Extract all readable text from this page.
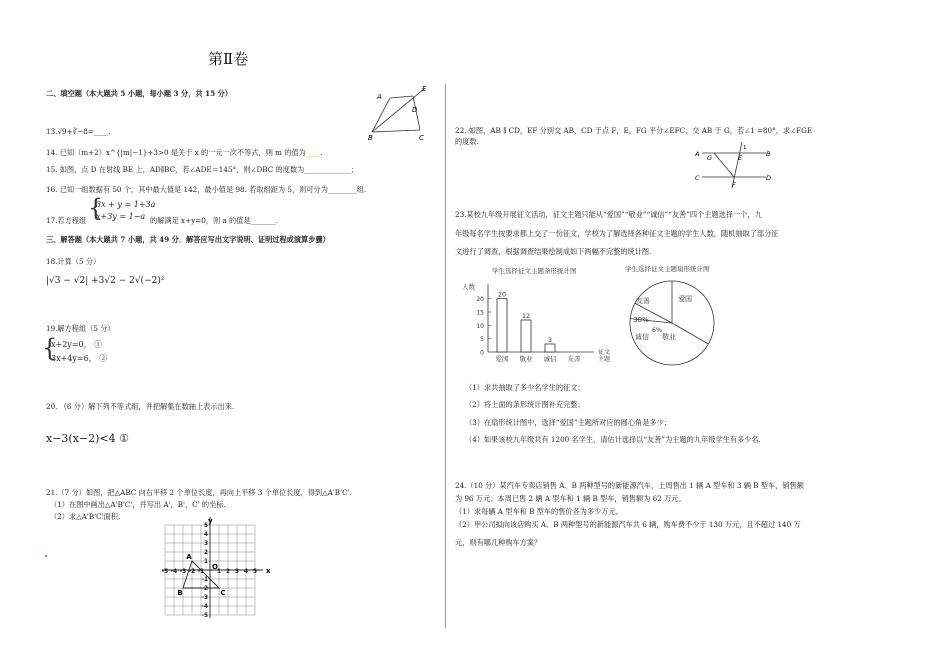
第Ⅱ卷
二、填空题（本大题共 5 小题，每小题 3 分，共 15 分）	A
E
D
B	C
13.√9+∛−8=____.
14. 已知（m+2）x^{|m|−1}+3>0 是关于 x 的一元一次不等式，则 m 的值为____.
15. 如图，点 D 在射线 BE 上，AD∥BC，若∠ADE＝145°，则∠DBC 的度数为_____________；
16. 已知一组数据有 50 个，其中最大值是 142，最小值是 98. 若取组距为 5，则可分为________组.
17.若方程组 {
3x + y = 1+3a
x+3y = 1−a 的解满足 x+y=0，则 a 的值是_______.
三、解答题（本大题共 7 小题，共 49 分．解答应写出文字说明、证明过程或演算步骤）
18.计算（5 分）
|√3 − √2| +3√2 − 2√(−2)²
19.解方程组（5 分）
{
x+2y=0， ①
3x+4y=6， ②
20. （6 分）解下列不等式组，并把解集在数轴上表示出来.
x−3(x−2)<4 ①
21.（7 分）如图，把△ABC 向右平移 2 个单位长度，再向上平移 3 个单位长度，得到△A'B'C'.
（1）在图中画出△A'B'C'，并写出 A'，B'，C' 的坐标.
（2）求△A'B'C'面积.
x
y
O
-5 -4 -3 -2 -1 1 2 3 4 5
5
4
3
2
1
-1
-2
-3
-4
-5
A
B	C
22. 如图，AB ∥ CD，EF 分别交 AB，CD 于点 F，E，FG 平分∠EFC，交 AB 于 G，若∠1 =80°，求∠FGE
的度数.
A	B
C	D
G	E
F
1
23.某校九年级开展征文活动，征文主题只能从“爱国”“敬业”“诚信”“友善”四个主题选择一个，九
年级每名学生按要求都上交了一份征文，学校为了解选择各种征文主题的学生人数，随机抽取了部分征
文进行了调查，根据调查结果绘制成如下两幅不完整的统计图.
学生选择征文主题条形统计图
人数
0
5
10
15
20
20
爱国
12
敬业
3
诚信 友善
征文
主题
学生选择征文主题扇形统计图
爱国
敬业
诚信
友善
30%
6%
（1）求共抽取了多少名学生的征文；
（2）将上面的条形统计图补充完整；
（3）在扇形统计图中，选择“爱国”主题所对应的圆心角是多少；
（4）如果该校九年级共有 1200 名学生，请估计选择以“友善”为主题的九年级学生有多少名.
24.（10 分）某汽车专卖店销售 A、B 两种型号的新能源汽车，上周售出 1 辆 A 型车和 3 辆 B 型车，销售额
为 96 万元；本周已售 2 辆 A 型车和 1 辆 B 型车，销售额为 62 万元。
（1）求每辆 A 型车和 B 型车的售价各为多少万元。
（2）甲公司拟向该店购买 A、B 两种型号的新能源汽车共 6 辆，购车费不少于 130 万元，且不超过 140 万
元，则有哪几种购车方案？
